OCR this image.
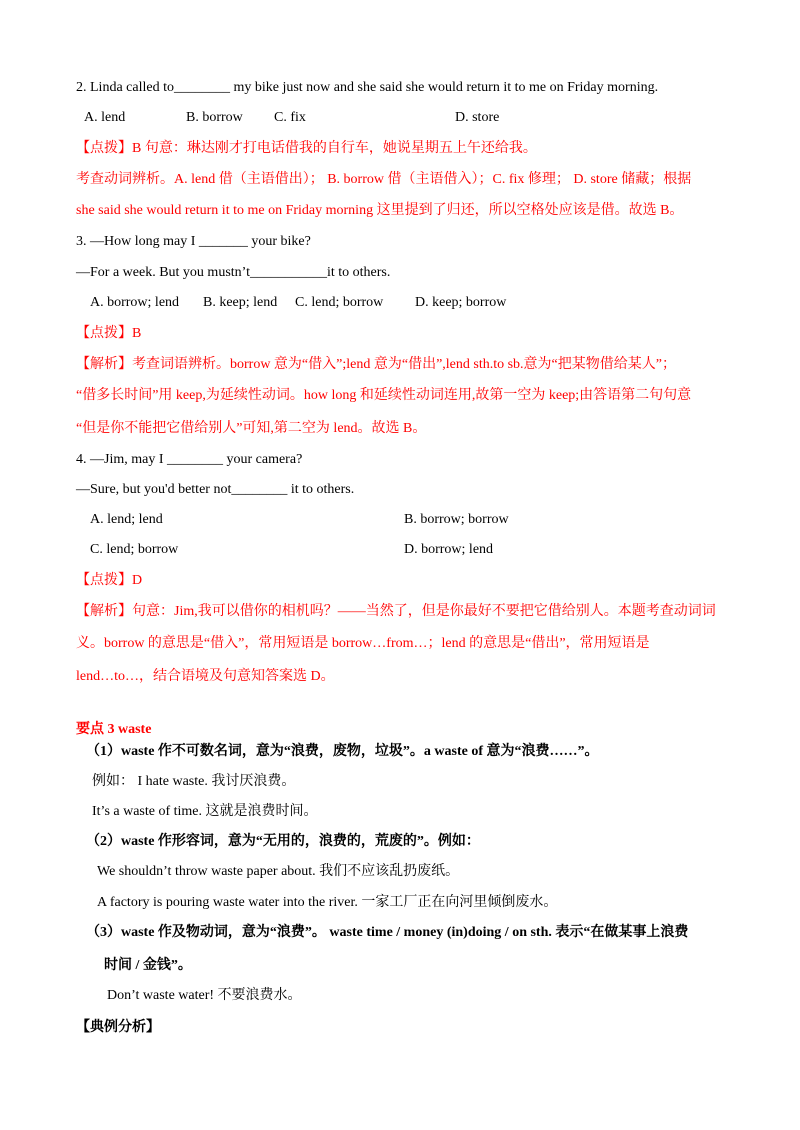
2. Linda called to________ my bike just now and she said she would return it to me on Friday morning.
A. lend	B. borrow C. fix	D. store
【点拨】B 句意：琳达刚才打电话借我的自行车，她说星期五上午还给我。
考查动词辨析。A. lend 借（主语借出）； B. borrow 借（主语借入）；C. fix 修理； D. store 储藏；根据
she said she would return it to me on Friday morning 这里提到了归还，所以空格处应该是借。故选 B。
3. —How long may I _______ your bike?
—For a week. But you mustn’t___________it to others.
A. borrow; lend B. keep; lend C. lend; borrow D. keep; borrow
【点拨】B
【解析】考查词语辨析。borrow 意为“借入”;lend 意为“借出”,lend sth.to sb.意为“把某物借给某人”；
“借多长时间”用 keep,为延续性动词。how long 和延续性动词连用,故第一空为 keep;由答语第二句句意
“但是你不能把它借给别人”可知,第二空为 lend。故选 B。
4. —Jim, may I ________ your camera?
—Sure, but you'd better not________ it to others.
A. lend; lend	B. borrow; borrow
C. lend; borrow	D. borrow; lend
【点拨】D
【解析】句意：Jim,我可以借你的相机吗？——当然了，但是你最好不要把它借给别人。本题考查动词词
义。borrow 的意思是“借入”，常用短语是 borrow…from…；lend 的意思是“借出”，常用短语是
lend…to…，结合语境及句意知答案选 D。
要点 3 waste
（1）waste 作不可数名词，意为“浪费，废物，垃圾”。a waste of 意为“浪费……”。
例如： I hate waste. 我讨厌浪费。
It’s a waste of time. 这就是浪费时间。
（2）waste 作形容词，意为“无用的，浪费的，荒废的”。例如：
We shouldn’t throw waste paper about. 我们不应该乱扔废纸。
A factory is pouring waste water into the river. 一家工厂正在向河里倾倒废水。
（3）waste 作及物动词，意为“浪费”。 waste time / money (in)doing / on sth. 表示“在做某事上浪费
时间 / 金钱”。
Don’t waste water! 不要浪费水。
【典例分析】
